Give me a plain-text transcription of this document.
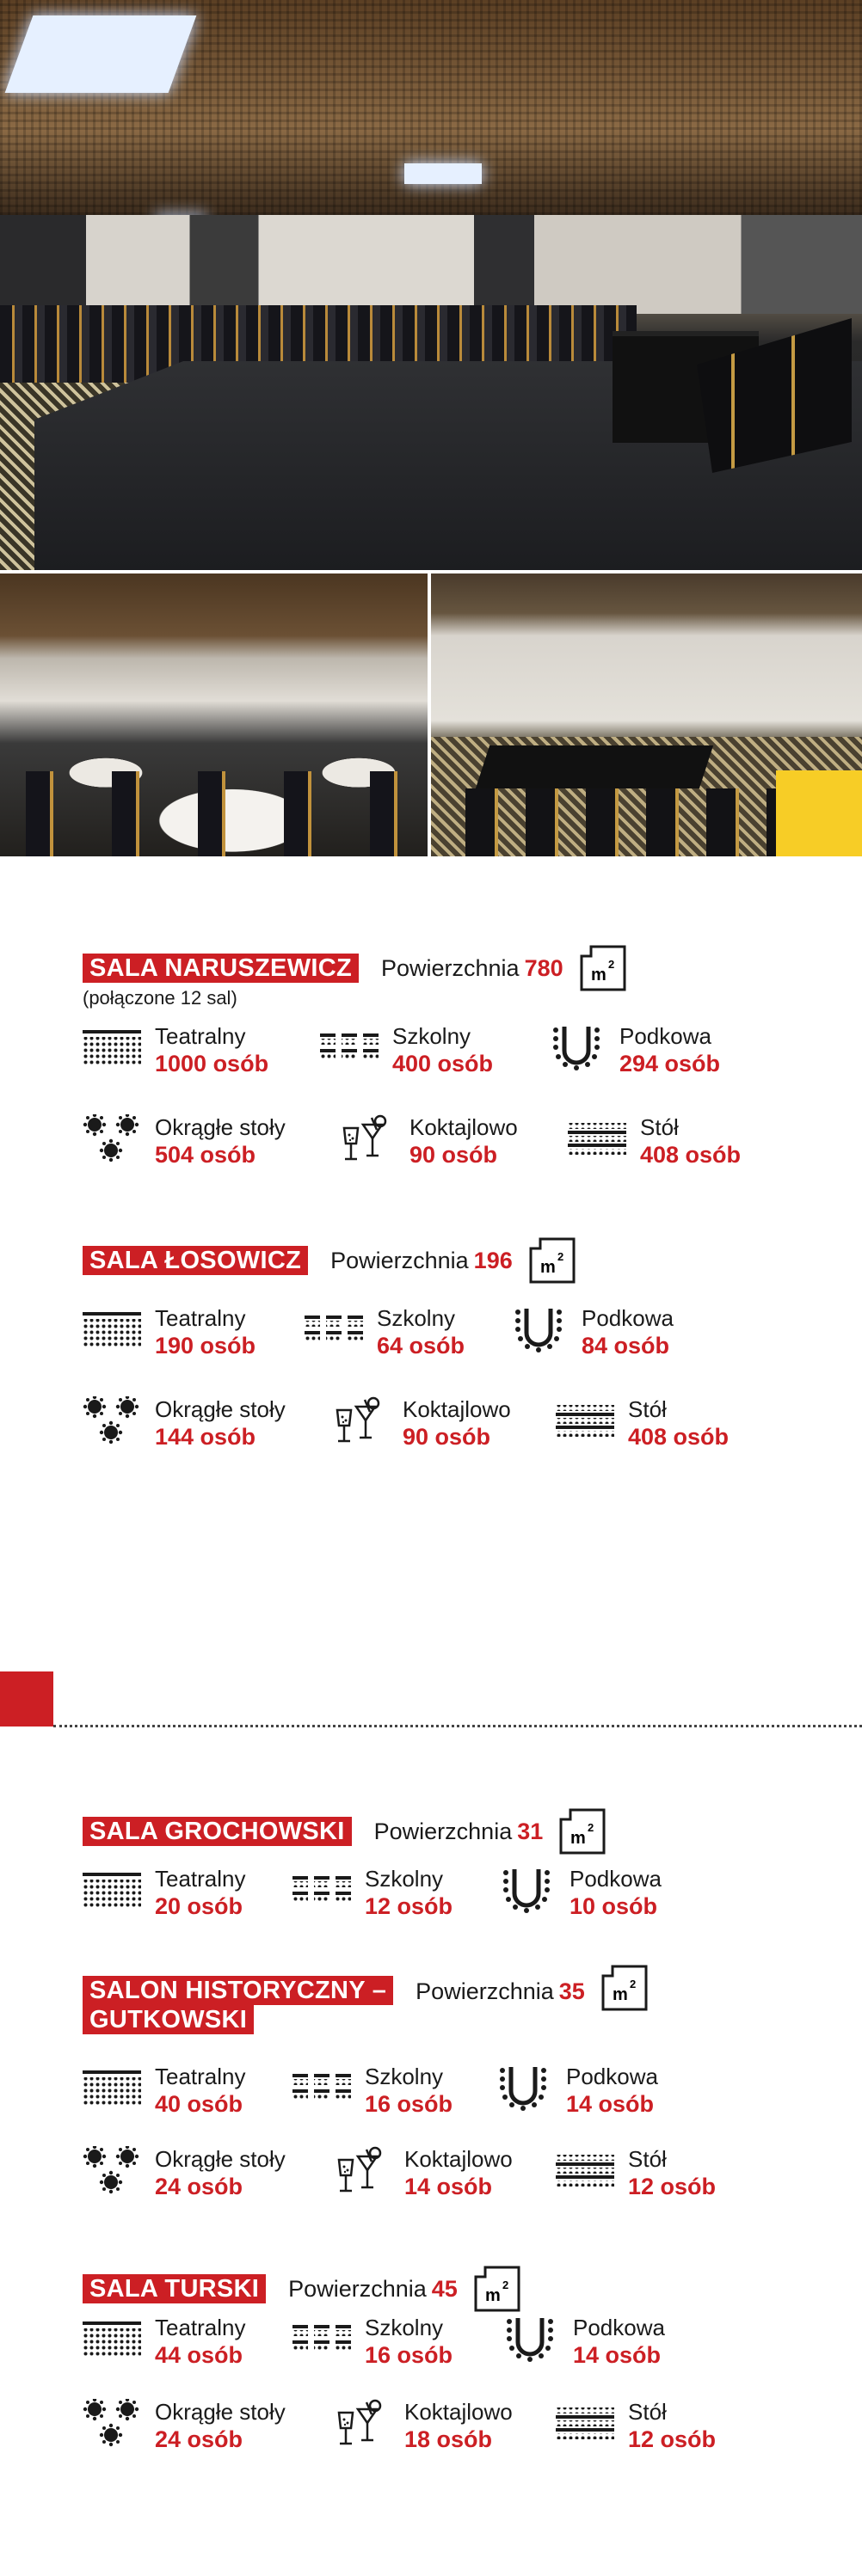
SALA NARUSZEWICZ Powierzchnia 780 m
2
(połączone 12 sal)
Teatralny
1000 osób
Szkolny
400 osób
Podkowa
294 osób
Okrągłe stoły
504 osób
Koktajlowo
90 osób
Stół
408 osób
SALA ŁOSOWICZ Powierzchnia 196 m
2
Teatralny
190 osób
Szkolny
64 osób
Podkowa
84 osób
Okrągłe stoły
144 osób
Koktajlowo
90 osób
Stół
408 osób
SALA GROCHOWSKI Powierzchnia 31 m
2
Teatralny
20 osób
Szkolny
12 osób
Podkowa
10 osób
SALON HISTORYCZNY –
GUTKOWSKI
Powierzchnia 35 m
2
Teatralny
40 osób
Szkolny
16 osób
Podkowa
14 osób
Okrągłe stoły
24 osób
Koktajlowo
14 osób
Stół
12 osób
SALA TURSKI Powierzchnia 45 m
2
Teatralny
44 osób
Szkolny
16 osób
Podkowa
14 osób
Okrągłe stoły
24 osób
Koktajlowo
18 osób
Stół
12 osób
